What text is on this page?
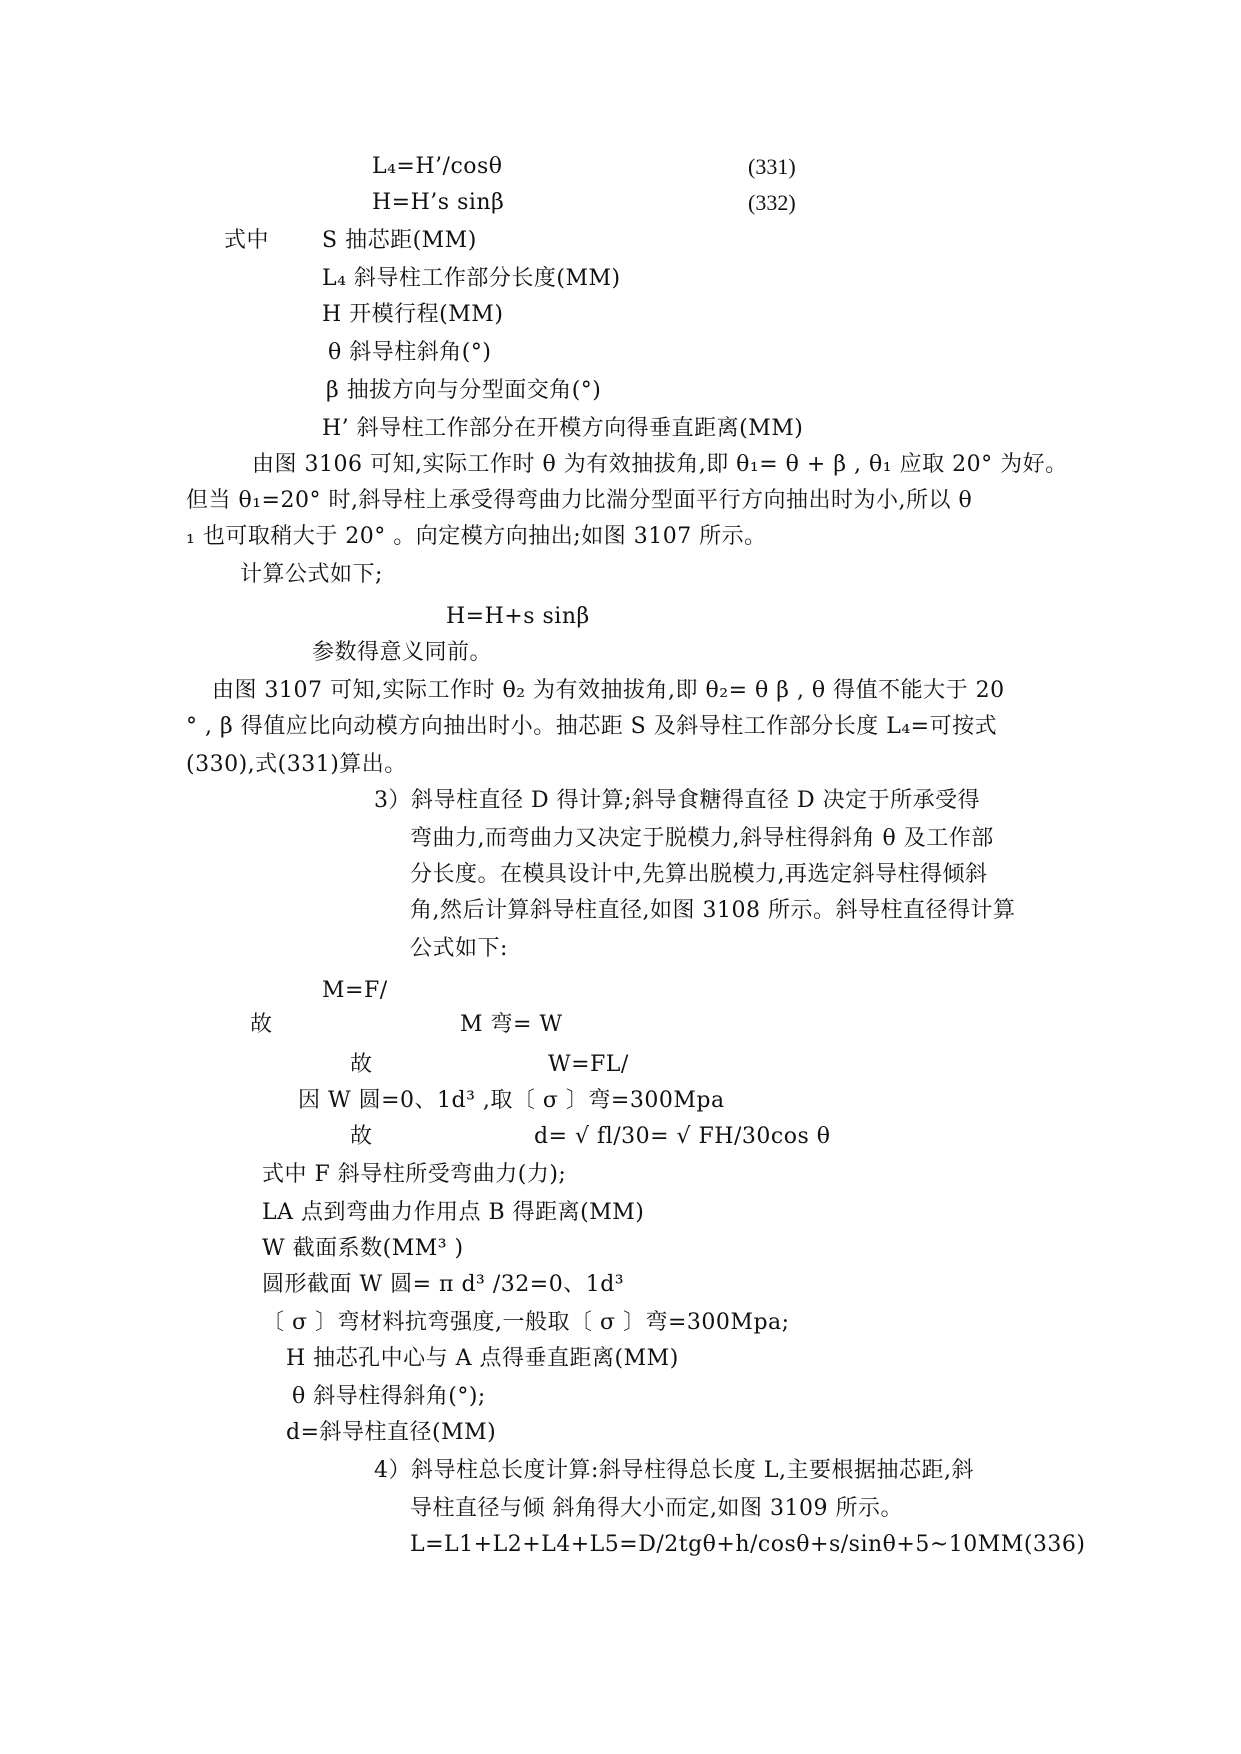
L₄=H’/cosθ	(331)
H=H’s sinβ	(332)
式中 S 抽芯距(MM)
L₄ 斜导柱工作部分长度(MM)
H 开模行程(MM)
θ 斜导柱斜角(°)
β 抽拔方向与分型面交角(°)
H’ 斜导柱工作部分在开模方向得垂直距离(MM)
由图 3106 可知,实际工作时 θ 为有效抽拔角,即 θ₁= θ + β , θ₁ 应取 20° 为好。
但当 θ₁=20° 时,斜导柱上承受得弯曲力比湍分型面平行方向抽出时为小,所以 θ
₁ 也可取稍大于 20° 。向定模方向抽出;如图 3107 所示。
计算公式如下;
H=H+s sinβ
参数得意义同前。
由图 3107 可知,实际工作时 θ₂ 为有效抽拔角,即 θ₂= θ β , θ 得值不能大于 20
° , β 得值应比向动模方向抽出时小。抽芯距 S 及斜导柱工作部分长度 L₄=可按式
(330),式(331)算出。
3）斜导柱直径 D 得计算;斜导食糖得直径 D 决定于所承受得
弯曲力,而弯曲力又决定于脱模力,斜导柱得斜角 θ 及工作部
分长度。在模具设计中,先算出脱模力,再选定斜导柱得倾斜
角,然后计算斜导柱直径,如图 3108 所示。斜导柱直径得计算
公式如下:
M=F/
故	M 弯= W
故	W=FL/
因 W 圆=0、1d³ ,取〔 σ 〕弯=300Mpa
故	d= √ fl/30= √ FH/30cos θ
式中 F 斜导柱所受弯曲力(力);
LA 点到弯曲力作用点 B 得距离(MM)
W 截面系数(MM³ )
圆形截面 W 圆= π d³ /32=0、1d³
〔 σ 〕弯材料抗弯强度,一般取〔 σ 〕弯=300Mpa;
H 抽芯孔中心与 A 点得垂直距离(MM)
θ 斜导柱得斜角(°);
d=斜导柱直径(MM)
4）斜导柱总长度计算:斜导柱得总长度 L,主要根据抽芯距,斜
导柱直径与倾 斜角得大小而定,如图 3109 所示。
L=L1+L2+L4+L5=D/2tgθ+h/cosθ+s/sinθ+5~10MM(336)
